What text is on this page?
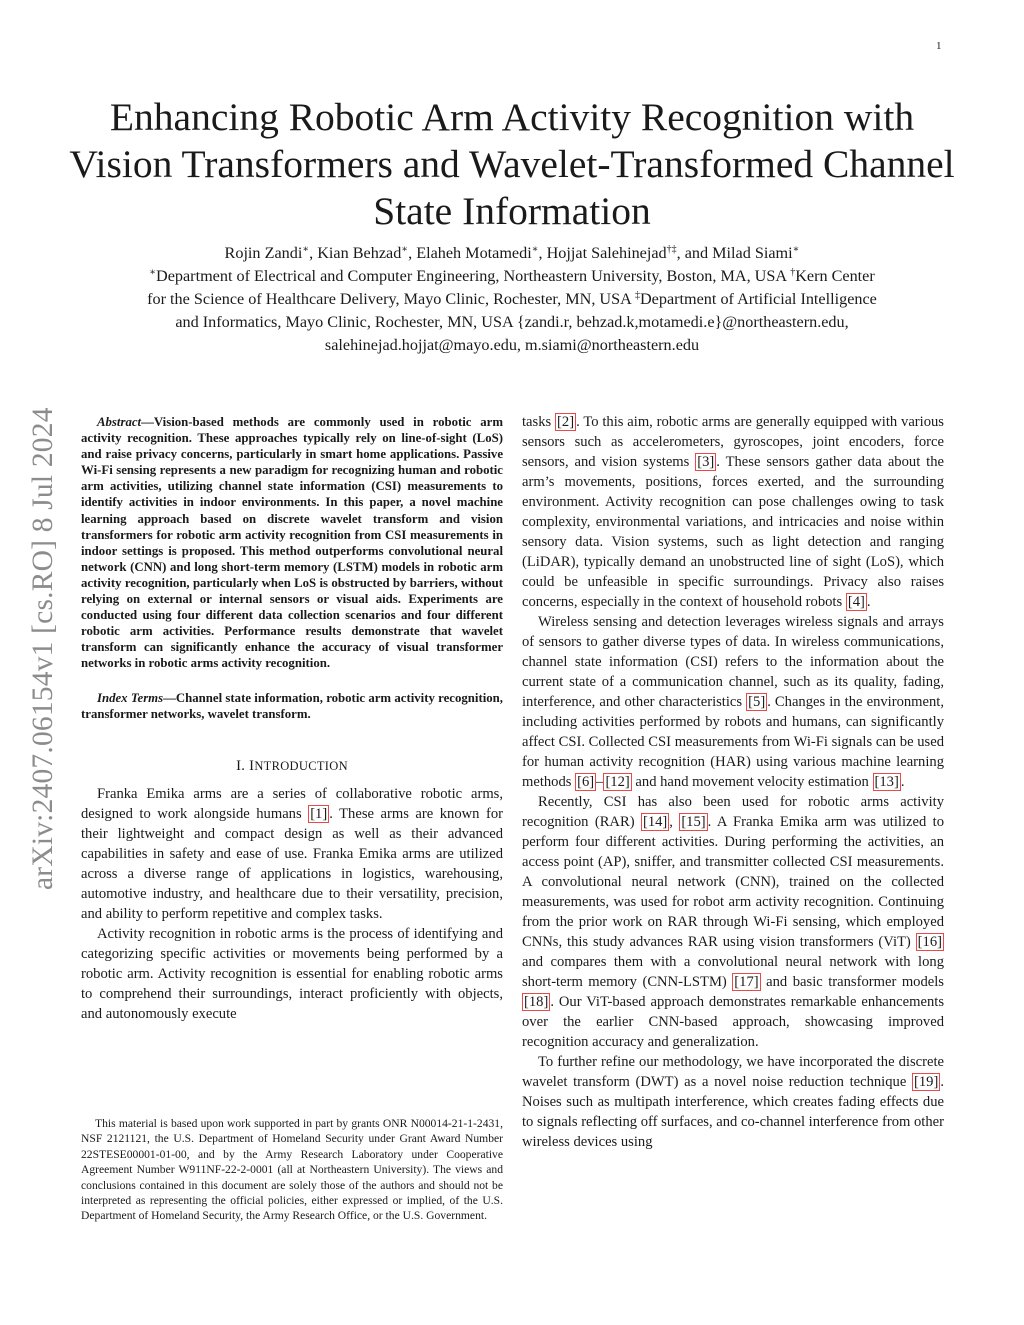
1
arXiv:2407.06154v1 [cs.RO] 8 Jul 2024
Enhancing Robotic Arm Activity Recognition with Vision Transformers and Wavelet-Transformed Channel State Information
Rojin Zandi∗, Kian Behzad∗, Elaheh Motamedi∗, Hojjat Salehinejad†‡, and Milad Siami∗
∗Department of Electrical and Computer Engineering, Northeastern University, Boston, MA, USA †Kern Center
for the Science of Healthcare Delivery, Mayo Clinic, Rochester, MN, USA ‡Department of Artificial Intelligence
and Informatics, Mayo Clinic, Rochester, MN, USA {zandi.r, behzad.k,motamedi.e}@northeastern.edu,
salehinejad.hojjat@mayo.edu, m.siami@northeastern.edu

Abstract—Vision-based methods are commonly used in robotic arm activity recognition. These approaches typically rely on line-of-sight (LoS) and raise privacy concerns, particularly in smart home applications. Passive Wi-Fi sensing represents a new paradigm for recognizing human and robotic arm activities, utilizing channel state information (CSI) measurements to identify activities in indoor environments. In this paper, a novel machine learning approach based on discrete wavelet transform and vision transformers for robotic arm activity recognition from CSI measurements in indoor settings is proposed. This method outperforms convolutional neural network (CNN) and long short-term memory (LSTM) models in robotic arm activity recognition, particularly when LoS is obstructed by barriers, without relying on external or internal sensors or visual aids. Experiments are conducted using four different data collection scenarios and four different robotic arm activities. Performance results demonstrate that wavelet transform can significantly enhance the accuracy of visual transformer networks in robotic arms activity recognition.

Index Terms—Channel state information, robotic arm activity recognition, transformer networks, wavelet transform.

I. INTRODUCTION

Franka Emika arms are a series of collaborative robotic arms, designed to work alongside humans [1] . These arms are known for their lightweight and compact design as well as their advanced capabilities in safety and ease of use. Franka Emika arms are utilized across a diverse range of applications in logistics, warehousing, automotive industry, and healthcare due to their versatility, precision, and ability to perform repetitive and complex tasks.

Activity recognition in robotic arms is the process of identifying and categorizing specific activities or movements being performed by a robotic arm. Activity recognition is essential for enabling robotic arms to comprehend their surroundings, interact proficiently with objects, and autonomously execute

This material is based upon work supported in part by grants ONR N00014-21-1-2431, NSF 2121121, the U.S. Department of Homeland Security under Grant Award Number 22STESE00001-01-00, and by the Army Research Laboratory under Cooperative Agreement Number W911NF-22-2-0001 (all at Northeastern University). The views and conclusions contained in this document are solely those of the authors and should not be interpreted as representing the official policies, either expressed or implied, of the U.S. Department of Homeland Security, the Army Research Office, or the U.S. Government.

tasks [2] . To this aim, robotic arms are generally equipped with various sensors such as accelerometers, gyroscopes, joint encoders, force sensors, and vision systems [3] . These sensors gather data about the arm’s movements, positions, forces exerted, and the surrounding environment. Activity recognition can pose challenges owing to task complexity, environmental variations, and intricacies and noise within sensory data. Vision systems, such as light detection and ranging (LiDAR), typically demand an unobstructed line of sight (LoS), which could be unfeasible in specific surroundings. Privacy also raises concerns, especially in the context of household robots [4] .

Wireless sensing and detection leverages wireless signals and arrays of sensors to gather diverse types of data. In wireless communications, channel state information (CSI) refers to the information about the current state of a communication channel, such as its quality, fading, interference, and other characteristics [5] . Changes in the environment, including activities performed by robots and humans, can significantly affect CSI. Collected CSI measurements from Wi-Fi signals can be used for human activity recognition (HAR) using various machine learning methods [6] – [12] and hand movement velocity estimation [13] .

Recently, CSI has also been used for robotic arms activity recognition (RAR) [14] , [15] . A Franka Emika arm was utilized to perform four different activities. During performing the activities, an access point (AP), sniffer, and transmitter collected CSI measurements. A convolutional neural network (CNN), trained on the collected measurements, was used for robot arm activity recognition. Continuing from the prior work on RAR through Wi-Fi sensing, which employed CNNs, this study advances RAR using vision transformers (ViT) [16] and compares them with a convolutional neural network with long short-term memory (CNN-LSTM) [17] and basic transformer models [18] . Our ViT-based approach demonstrates remarkable enhancements over the earlier CNN-based approach, showcasing improved recognition accuracy and generalization.

To further refine our methodology, we have incorporated the discrete wavelet transform (DWT) as a novel noise reduction technique [19] . Noises such as multipath interference, which creates fading effects due to signals reflecting off surfaces, and co-channel interference from other wireless devices using
